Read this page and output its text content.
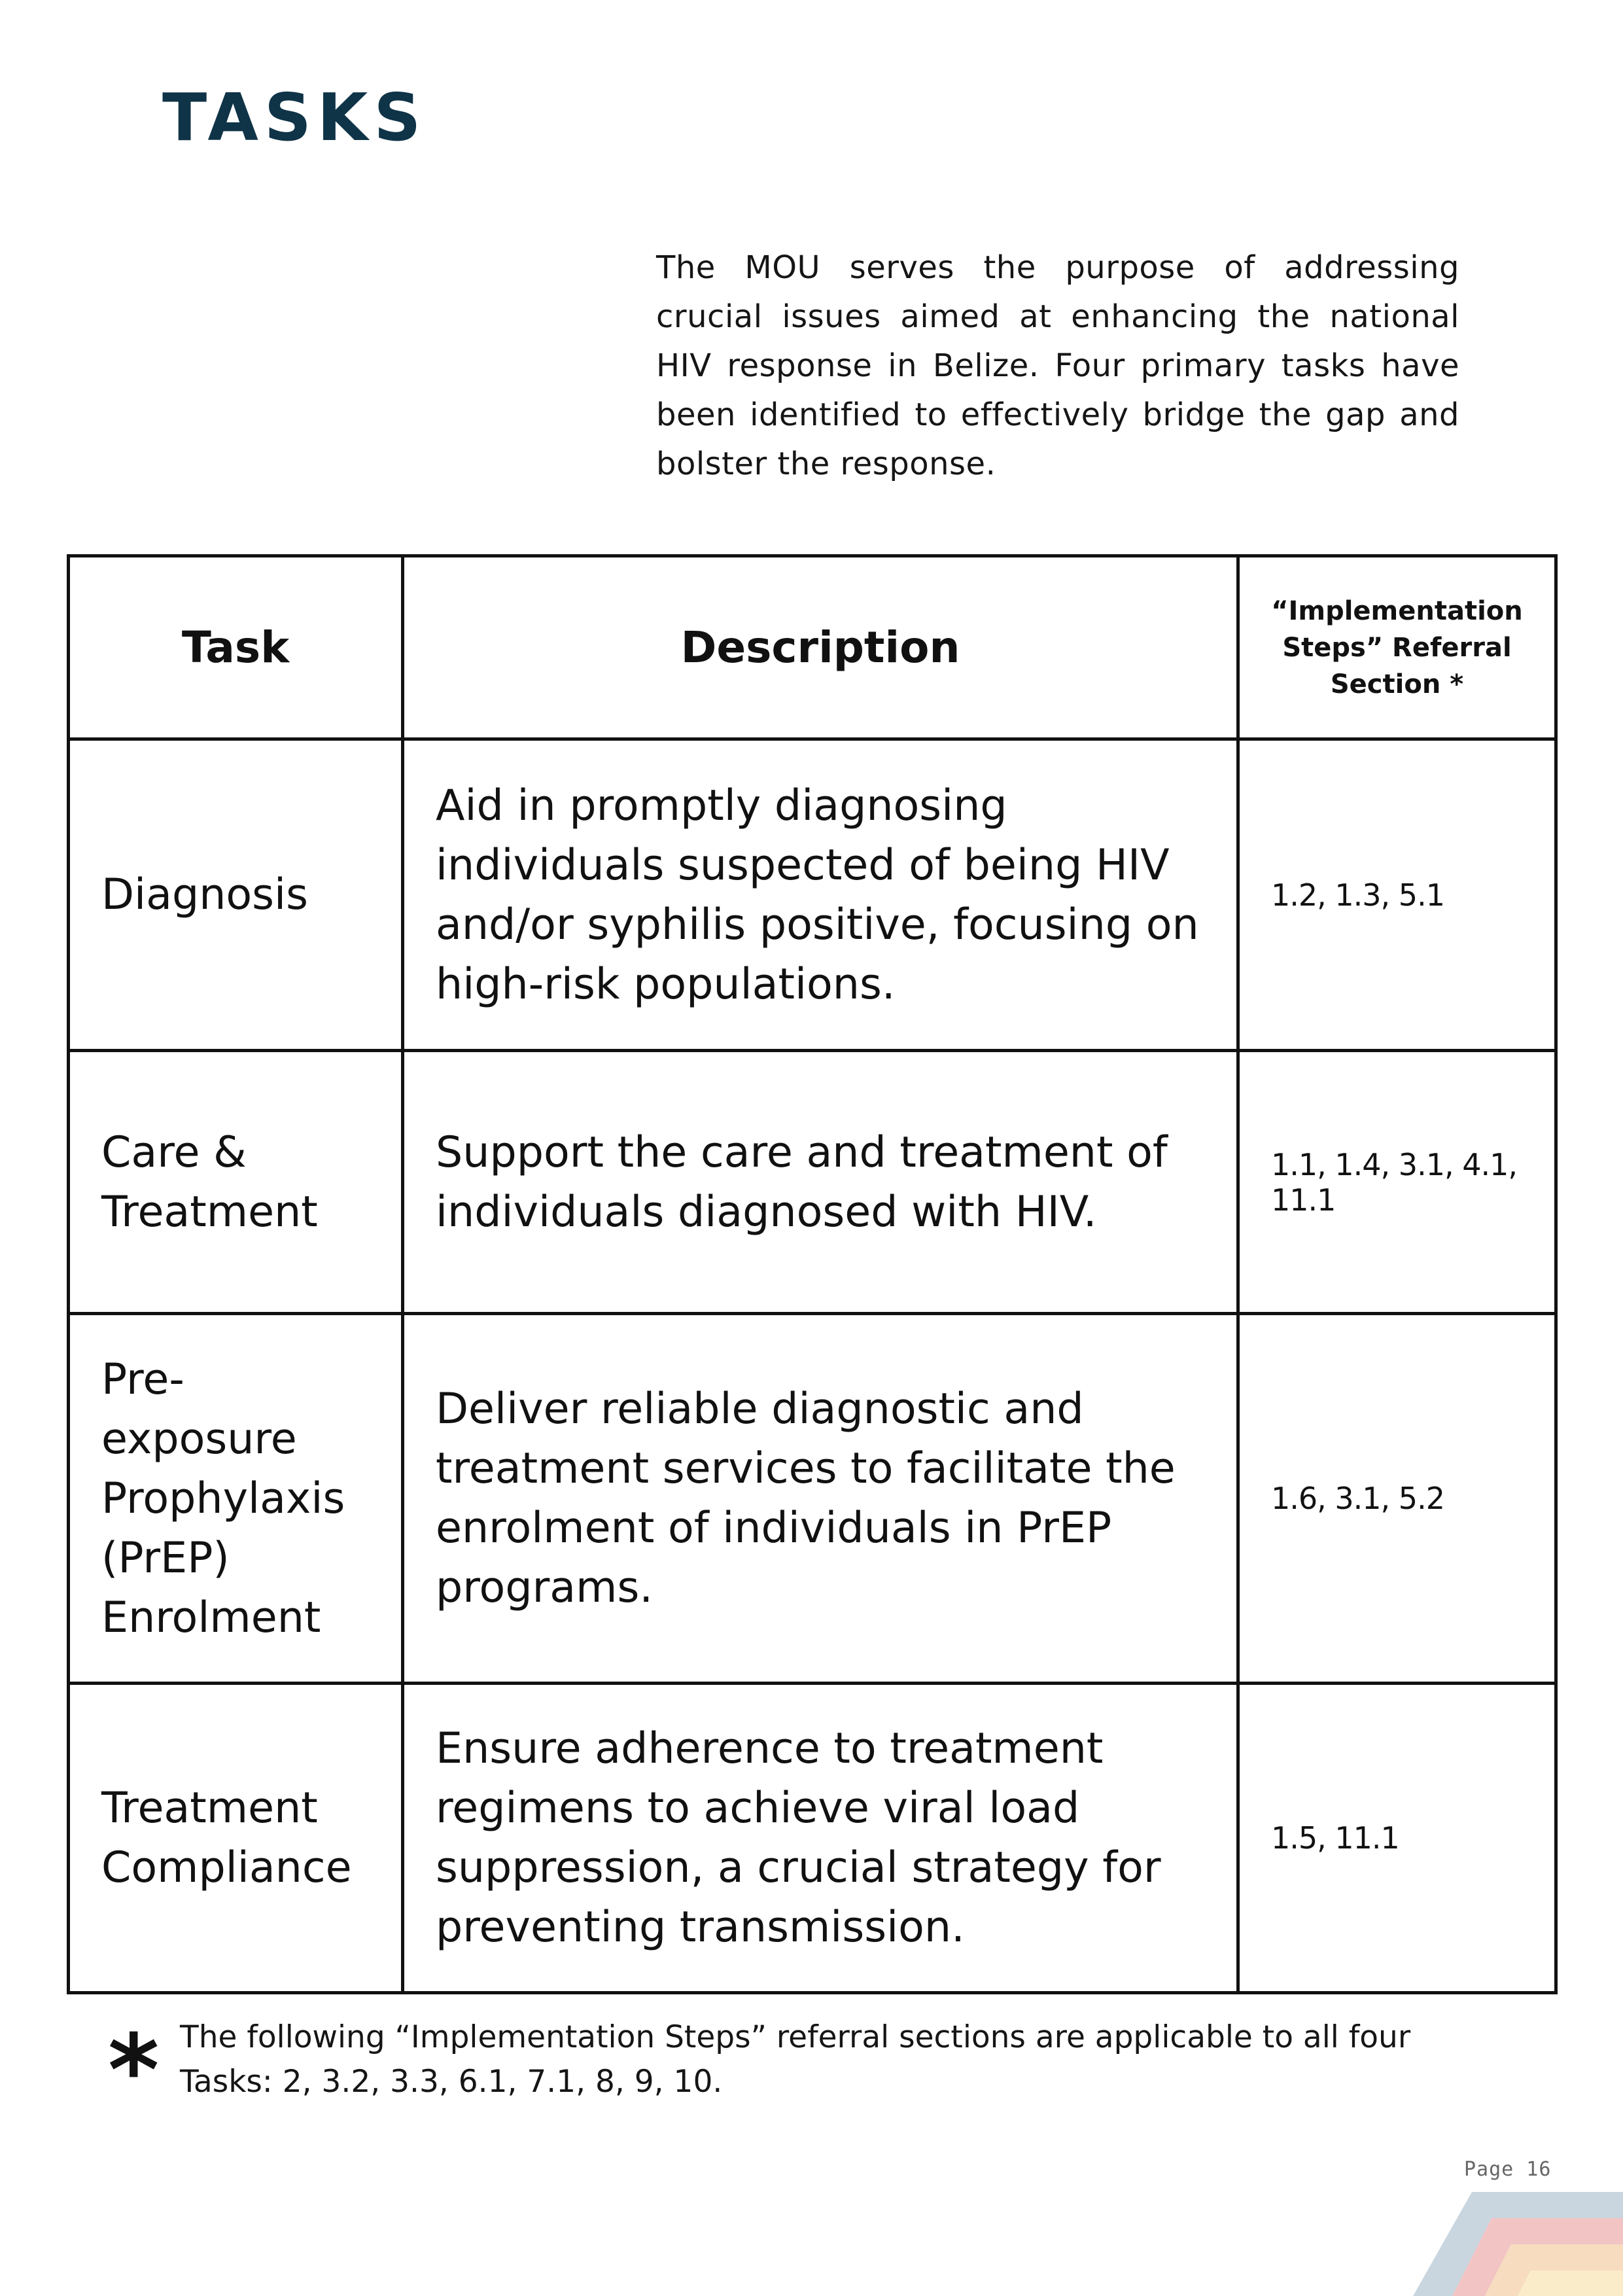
TASKS

The MOU serves the purpose of addressing crucial issues aimed at enhancing the national HIV response in Belize. Four primary tasks have been identified to effectively bridge the gap and bolster the response.

Task	Description	“Implementation Steps” Referral Section *
Diagnosis	Aid in promptly diagnosing individuals suspected of being HIV and/or syphilis positive, focusing on high-risk populations.	1.2, 1.3, 5.1
Care & Treatment	Support the care and treatment of individuals diagnosed with HIV.	1.1, 1.4, 3.1, 4.1, 11.1
Pre-exposure Prophylaxis (PrEP) Enrolment	Deliver reliable diagnostic and treatment services to facilitate the enrolment of individuals in PrEP programs.	1.6, 3.1, 5.2
Treatment Compliance	Ensure adherence to treatment regimens to achieve viral load suppression, a crucial strategy for preventing transmission.	1.5, 11.1
* The following “Implementation Steps” referral sections are applicable to all four Tasks: 2, 3.2, 3.3, 6.1, 7.1, 8, 9, 10.
Page 16
